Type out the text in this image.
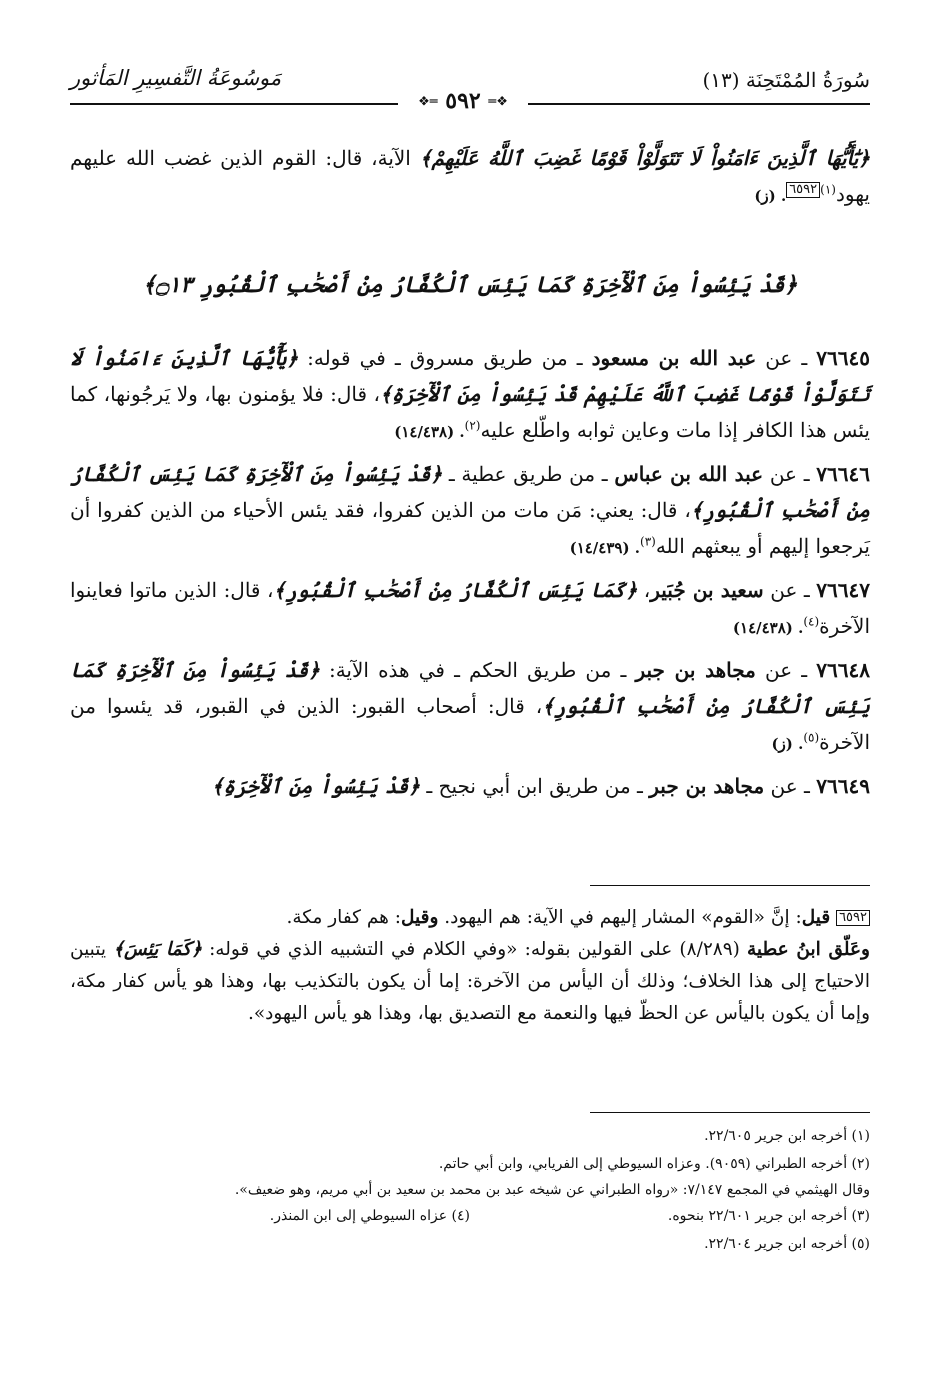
سُورَةُ المُمْتَحِنَة (١٣)
مَوسُوعَةُ التَّفسِيرِ المَأثور
❖═ ٥٩٢ ═❖

﴿يَٰٓأَيُّهَا ٱلَّذِينَ ءَامَنُواْ لَا تَتَوَلَّوْاْ قَوْمًا غَضِبَ ٱللَّهُ عَلَيْهِمْ﴾ الآية، قال: القوم الذين غضب الله عليهم يهود$^{(١)}$٦٥٩٢. (ز)

﴿قَدْ يَئِسُواْ مِنَ ٱلْأٓخِرَةِ كَمَا يَئِسَ ٱلْكُفَّارُ مِنْ أَصْحَٰبِ ٱلْقُبُورِ ۝١٣﴾

٧٦٦٤٥ ـ عن عبد الله بن مسعود ـ من طريق مسروق ـ في قوله: ﴿يَٰٓأَيُّهَا ٱلَّذِينَ ءَامَنُواْ لَا تَتَوَلَّوْاْ قَوْمًا غَضِبَ ٱللَّهُ عَلَيْهِمْ قَدْ يَئِسُواْ مِنَ ٱلْأٓخِرَةِ﴾، قال: فلا يؤمنون بها، ولا يَرجُونها، كما يئس هذا الكافر إذا مات وعاين ثوابه واطّلع عليه$^{(٢)}$. (١٤/٤٣٨)

٧٦٦٤٦ ـ عن عبد الله بن عباس ـ من طريق عطية ـ ﴿قَدْ يَئِسُواْ مِنَ ٱلْأٓخِرَةِ كَمَا يَئِسَ ٱلْكُفَّارُ مِنْ أَصْحَٰبِ ٱلْقُبُورِ﴾، قال: يعني: مَن مات من الذين كفروا، فقد يئس الأحياء من الذين كفروا أن يَرجعوا إليهم أو يبعثهم الله$^{(٣)}$. (١٤/٤٣٩)

٧٦٦٤٧ ـ عن سعيد بن جُبَير، ﴿كَمَا يَئِسَ ٱلْكُفَّارُ مِنْ أَصْحَٰبِ ٱلْقُبُورِ﴾، قال: الذين ماتوا فعاينوا الآخرة$^{(٤)}$. (١٤/٤٣٨)

٧٦٦٤٨ ـ عن مجاهد بن جبر ـ من طريق الحكم ـ في هذه الآية: ﴿قَدْ يَئِسُواْ مِنَ ٱلْأٓخِرَةِ كَمَا يَئِسَ ٱلْكُفَّارُ مِنْ أَصْحَٰبِ ٱلْقُبُورِ﴾، قال: أصحاب القبور: الذين في القبور، قد يئسوا من الآخرة$^{(٥)}$. (ز)

٧٦٦٤٩ ـ عن مجاهد بن جبر ـ من طريق ابن أبي نجيح ـ ﴿قَدْ يَئِسُواْ مِنَ ٱلْأٓخِرَةِ﴾

٦٥٩٢ قيل: إنَّ «القوم» المشار إليهم في الآية: هم اليهود. وقيل: هم كفار مكة.
وعَلّق ابنُ عطية (٨/٢٨٩) على القولين بقوله: «وفي الكلام في التشبيه الذي في قوله: ﴿كَمَا يَئِسَ﴾ يتبين الاحتياج إلى هذا الخلاف؛ وذلك أن اليأس من الآخرة: إما أن يكون بالتكذيب بها، وهذا هو يأس كفار مكة، وإما أن يكون باليأس عن الحظّ فيها والنعمة مع التصديق بها، وهذا هو يأس اليهود».
(١) أخرجه ابن جرير ٢٢/٦٠٥.
(٢) أخرجه الطبراني (٩٠٥٩). وعزاه السيوطي إلى الفريابي، وابن أبي حاتم.
وقال الهيثمي في المجمع ٧/١٤٧: «رواه الطبراني عن شيخه عبد بن محمد بن سعيد بن أبي مريم، وهو ضعيف».
(٣) أخرجه ابن جرير ٢٢/٦٠١ بنحوه.
(٤) عزاه السيوطي إلى ابن المنذر.
(٥) أخرجه ابن جرير ٢٢/٦٠٤.
